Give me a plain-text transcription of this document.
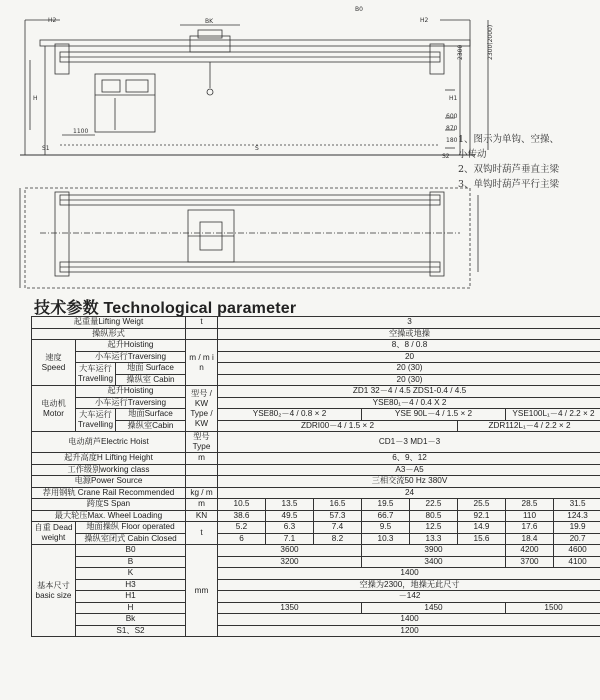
BK
B0
H
H2	H2
H1
1100
600
870
180
S1	S
S2
2300	2300(2000)
1、图示为单钩、空操、
小传动
2、双钩时葫芦垂直主梁
3、单钩时葫芦平行主梁
技术参数 Technological parameter
起重量Lifting Weigt			t	3							
操纵形式				空操或地操							
速度 Speed	起升Hoisting		m / m i n	8、8 / 0.8							
	小车运行Traversing			20							
	大车运行 Travelling	地面 Surface		20 (30)							
		操纵室 Cabin		20 (30)							
电动机 Motor	起升Hoisting		型号 / KW Type / KW	ZD1 32－4 / 4.5 ZDS1-0.4 / 4.5							
	小车运行Traversing			YSE80₁－4 / 0.4 X 2							
	大车运行 Travelling	地面Surface		YSE80₂－4 / 0.8 × 2			YSE 90L－4 / 1.5 × 2			YSE100L₁－4 / 2.2 × 2	
		操纵室Cabin		ZDRI00－4 / 1.5 × 2					ZDR112L₁－4 / 2.2 × 2		
电动葫芦Electric Hoist			型号 Type	CD1－3 MD1－3							
起升高度H Lifting Height			m	6、9、12							
工作级别working class				A3－A5							
电源Power Source				三相交流50 Hz 380V							
荐用钢轨 Crane Rail Recommended			kg / m	24							
跨度S Span			m	10.5	13.5	16.5	19.5	22.5	25.5	28.5	31.5
最大轮压Max. Wheel Loading			KN	38.6	49.5	57.3	66.7	80.5	92.1	110	124.3
自重 Dead weight	地面操纵 Floor operated		t	5.2	6.3	7.4	9.5	12.5	14.9	17.6	19.9
	操纵室闭式 Cabin Closed			6	7.1	8.2	10.3	13.3	15.6	18.4	20.7
基本尺寸 basic size	B0		mm	3600			3900			4200	4600
	B			3200			3400			3700	4100
	K			1400							
	H3			空操为2300，地操无此尺寸							
	H1			－142							
	H			1350			1450			1500	
	Bk			1400							
	S1、S2			1200							
